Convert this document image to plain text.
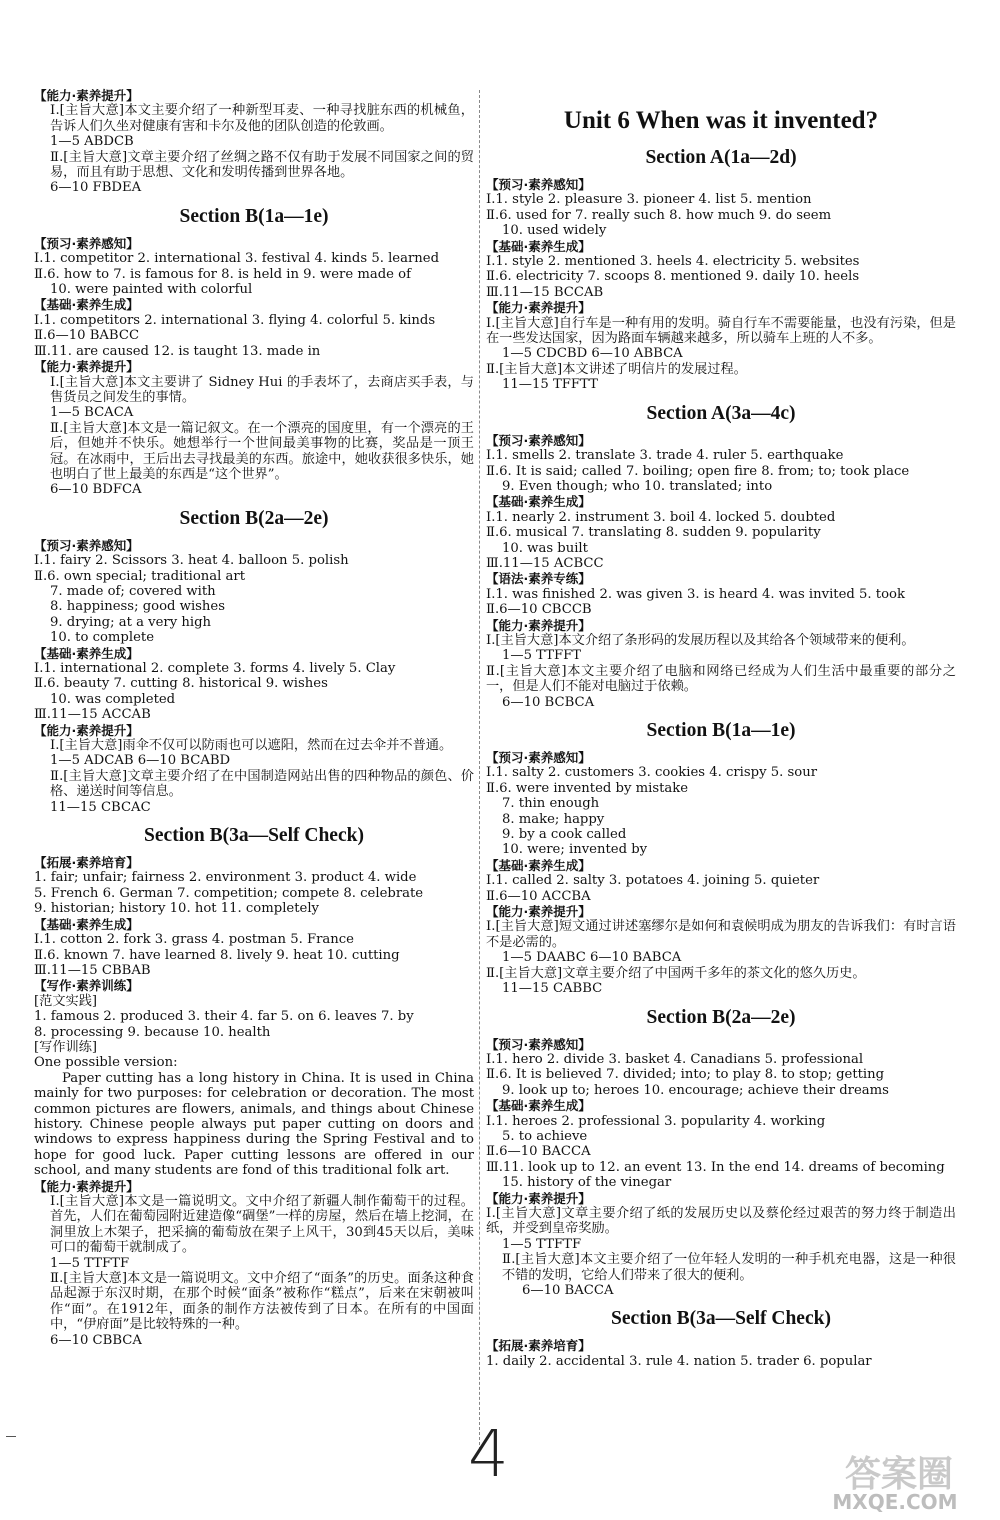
【能力·素养提升】
Ⅰ.[主旨大意]本文主要介绍了一种新型耳麦、一种寻找脏东西的机械鱼，告诉人们久坐对健康有害和卡尔及他的团队创造的伦敦画。
1—5 ABDCB
Ⅱ.[主旨大意]文章主要介绍了丝绸之路不仅有助于发展不同国家之间的贸易，而且有助于思想、文化和发明传播到世界各地。
6—10 FBDEA
Section B(1a—1e)
【预习·素养感知】
Ⅰ.1. competitor 2. international 3. festival 4. kinds 5. learned
Ⅱ.6. how to 7. is famous for 8. is held in 9. were made of
10. were painted with colorful
【基础·素养生成】
Ⅰ.1. competitors 2. international 3. flying 4. colorful 5. kinds
Ⅱ.6—10 BABCC
Ⅲ.11. are caused 12. is taught 13. made in
【能力·素养提升】
Ⅰ.[主旨大意]本文主要讲了 Sidney Hui 的手表坏了，去商店买手表，与售货员之间发生的事情。
1—5 BCACA
Ⅱ.[主旨大意]本文是一篇记叙文。在一个漂亮的国度里，有一个漂亮的王后，但她并不快乐。她想举行一个世间最美事物的比赛，奖品是一顶王冠。在冰雨中，王后出去寻找最美的东西。旅途中，她收获很多快乐，她也明白了世上最美的东西是“这个世界”。
6—10 BDFCA
Section B(2a—2e)
【预习·素养感知】
Ⅰ.1. fairy 2. Scissors 3. heat 4. balloon 5. polish
Ⅱ.6. own special; traditional art
7. made of; covered with
8. happiness; good wishes
9. drying; at a very high
10. to complete
【基础·素养生成】
Ⅰ.1. international 2. complete 3. forms 4. lively 5. Clay
Ⅱ.6. beauty 7. cutting 8. historical 9. wishes
10. was completed
Ⅲ.11—15 ACCAB
【能力·素养提升】
Ⅰ.[主旨大意]雨伞不仅可以防雨也可以遮阳，然而在过去伞并不普通。
1—5 ADCAB 6—10 BCABD
Ⅱ.[主旨大意]文章主要介绍了在中国制造网站出售的四种物品的颜色、价格、递送时间等信息。
11—15 CBCAC
Section B(3a—Self Check)
【拓展·素养培育】
1. fair; unfair; fairness 2. environment 3. product 4. wide
5. French 6. German 7. competition; compete 8. celebrate
9. historian; history 10. hot 11. completely
【基础·素养生成】
Ⅰ.1. cotton 2. fork 3. grass 4. postman 5. France
Ⅱ.6. known 7. have learned 8. lively 9. heat 10. cutting
Ⅲ.11—15 CBBAB
【写作·素养训练】
[范文实践]
1. famous 2. produced 3. their 4. far 5. on 6. leaves 7. by
8. processing 9. because 10. health
[写作训练]
One possible version:
Paper cutting has a long history in China. It is used in China mainly for two purposes: for celebration or decoration. The most common pictures are flowers, animals, and things about Chinese history. Chinese people always put paper cutting on doors and windows to express happiness during the Spring Festival and to hope for good luck. Paper cutting lessons are offered in our school, and many students are fond of this traditional folk art.
【能力·素养提升】
Ⅰ.[主旨大意]本文是一篇说明文。文中介绍了新疆人制作葡萄干的过程。首先，人们在葡萄园附近建造像“碉堡”一样的房屋，然后在墙上挖洞，在洞里放上木架子，把采摘的葡萄放在架子上风干，30到45天以后，美味可口的葡萄干就制成了。
1—5 TTFTF
Ⅱ.[主旨大意]本文是一篇说明文。文中介绍了“面条”的历史。面条这种食品起源于东汉时期，在那个时候“面条”被称作“糕点”，后来在宋朝被叫作“面”。在1912年，面条的制作方法被传到了日本。在所有的中国面中，“伊府面”是比较特殊的一种。
6—10 CBBCA
Unit 6 When was it invented?
Section A(1a—2d)
【预习·素养感知】
Ⅰ.1. style 2. pleasure 3. pioneer 4. list 5. mention
Ⅱ.6. used for 7. really such 8. how much 9. do seem
10. used widely
【基础·素养生成】
Ⅰ.1. style 2. mentioned 3. heels 4. electricity 5. websites
Ⅱ.6. electricity 7. scoops 8. mentioned 9. daily 10. heels
Ⅲ.11—15 BCCAB
【能力·素养提升】
Ⅰ.[主旨大意]自行车是一种有用的发明。骑自行车不需要能量，也没有污染，但是在一些发达国家，因为路面车辆越来越多，所以骑车上班的人不多。
1—5 CDCBD 6—10 ABBCA
Ⅱ.[主旨大意]本文讲述了明信片的发展过程。
11—15 TFFTT
Section A(3a—4c)
【预习·素养感知】
Ⅰ.1. smells 2. translate 3. trade 4. ruler 5. earthquake
Ⅱ.6. It is said; called 7. boiling; open fire 8. from; to; took place
9. Even though; who 10. translated; into
【基础·素养生成】
Ⅰ.1. nearly 2. instrument 3. boil 4. locked 5. doubted
Ⅱ.6. musical 7. translating 8. sudden 9. popularity
10. was built
Ⅲ.11—15 ACBCC
【语法·素养专练】
Ⅰ.1. was finished 2. was given 3. is heard 4. was invited 5. took
Ⅱ.6—10 CBCCB
【能力·素养提升】
Ⅰ.[主旨大意]本文介绍了条形码的发展历程以及其给各个领域带来的便利。
1—5 TTFFT
Ⅱ.[主旨大意]本文主要介绍了电脑和网络已经成为人们生活中最重要的部分之一，但是人们不能对电脑过于依赖。
6—10 BCBCA
Section B(1a—1e)
【预习·素养感知】
Ⅰ.1. salty 2. customers 3. cookies 4. crispy 5. sour
Ⅱ.6. were invented by mistake
7. thin enough
8. make; happy
9. by a cook called
10. were; invented by
【基础·素养生成】
Ⅰ.1. called 2. salty 3. potatoes 4. joining 5. quieter
Ⅱ.6—10 ACCBA
【能力·素养提升】
Ⅰ.[主旨大意]短文通过讲述塞缪尔是如何和袁候明成为朋友的告诉我们：有时言语不是必需的。
1—5 DAABC 6—10 BABCA
Ⅱ.[主旨大意]文章主要介绍了中国两千多年的茶文化的悠久历史。
11—15 CABBC
Section B(2a—2e)
【预习·素养感知】
Ⅰ.1. hero 2. divide 3. basket 4. Canadians 5. professional
Ⅱ.6. It is believed 7. divided; into; to play 8. to stop; getting
9. look up to; heroes 10. encourage; achieve their dreams
【基础·素养生成】
Ⅰ.1. heroes 2. professional 3. popularity 4. working
5. to achieve
Ⅱ.6—10 BACCA
Ⅲ.11. look up to 12. an event 13. In the end 14. dreams of becoming
15. history of the vinegar
【能力·素养提升】
Ⅰ.[主旨大意]文章主要介绍了纸的发展历史以及蔡伦经过艰苦的努力终于制造出纸，并受到皇帝奖励。
1—5 TTFTF
Ⅱ.[主旨大意]本文主要介绍了一位年轻人发明的一种手机充电器，这是一种很不错的发明，它给人们带来了很大的便利。
6—10 BACCA
Section B(3a—Self Check)
【拓展·素养培育】
1. daily 2. accidental 3. rule 4. nation 5. trader 6. popular
4	答案圈
MXQE.COM
